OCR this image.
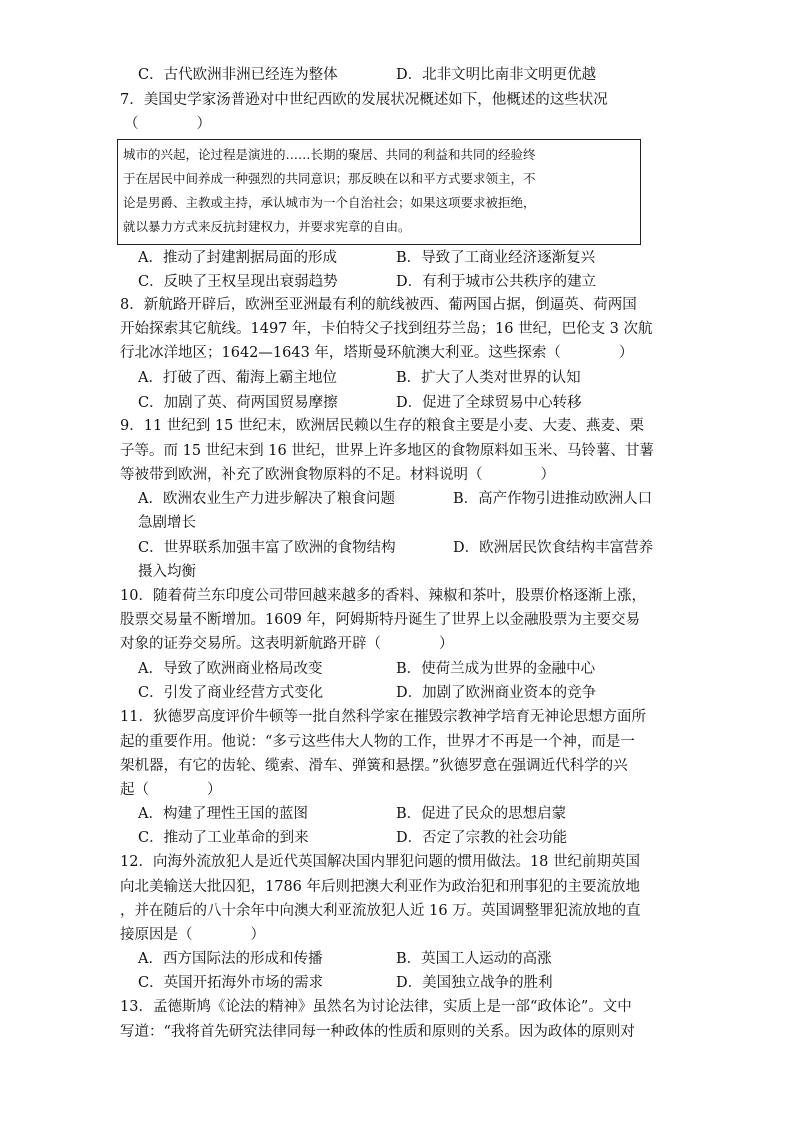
C．古代欧洲非洲已经连为整体	D．北非文明比南非文明更优越
7．美国史学家汤普逊对中世纪西欧的发展状况概述如下，他概述的这些状况
（　　　　）
城市的兴起，论过程是演进的……长期的聚居、共同的利益和共同的经验终
于在居民中间养成一种强烈的共同意识；那反映在以和平方式要求领主，不
论是男爵、主教或主持，承认城市为一个自治社会；如果这项要求被拒绝，
就以暴力方式来反抗封建权力，并要求宪章的自由。
A．推动了封建割据局面的形成	B．导致了工商业经济逐渐复兴
C．反映了王权呈现出衰弱趋势	D．有利于城市公共秩序的建立
8．新航路开辟后，欧洲至亚洲最有利的航线被西、葡两国占据，倒逼英、荷两国
开始探索其它航线。1497 年，卡伯特父子找到纽芬兰岛；16 世纪，巴伦支 3 次航
行北冰洋地区；1642—1643 年，塔斯曼环航澳大利亚。这些探索（　　　　）
A．打破了西、葡海上霸主地位	B．扩大了人类对世界的认知
C．加剧了英、荷两国贸易摩擦	D．促进了全球贸易中心转移
9．11 世纪到 15 世纪末，欧洲居民赖以生存的粮食主要是小麦、大麦、燕麦、栗
子等。而 15 世纪末到 16 世纪，世界上许多地区的食物原料如玉米、马铃薯、甘薯
等被带到欧洲，补充了欧洲食物原料的不足。材料说明（　　　　）
A．欧洲农业生产力进步解决了粮食问题	B．高产作物引进推动欧洲人口
急剧增长
C．世界联系加强丰富了欧洲的食物结构	D．欧洲居民饮食结构丰富营养
摄入均衡
10．随着荷兰东印度公司带回越来越多的香料、辣椒和茶叶，股票价格逐渐上涨，
股票交易量不断增加。1609 年，阿姆斯特丹诞生了世界上以金融股票为主要交易
对象的证券交易所。这表明新航路开辟（　　　　）
A．导致了欧洲商业格局改变	B．使荷兰成为世界的金融中心
C．引发了商业经营方式变化	D．加剧了欧洲商业资本的竞争
11．狄德罗高度评价牛顿等一批自然科学家在摧毁宗教神学培育无神论思想方面所
起的重要作用。他说：“多亏这些伟大人物的工作，世界才不再是一个神，而是一
架机器，有它的齿轮、缆索、滑车、弹簧和悬摆。”狄德罗意在强调近代科学的兴
起（　　　　）
A．构建了理性王国的蓝图	B．促进了民众的思想启蒙
C．推动了工业革命的到来	D．否定了宗教的社会功能
12．向海外流放犯人是近代英国解决国内罪犯问题的惯用做法。18 世纪前期英国
向北美输送大批囚犯，1786 年后则把澳大利亚作为政治犯和刑事犯的主要流放地
，并在随后的八十余年中向澳大利亚流放犯人近 16 万。英国调整罪犯流放地的直
接原因是（　　　　）
A．西方国际法的形成和传播	B．英国工人运动的高涨
C．英国开拓海外市场的需求	D．美国独立战争的胜利
13．孟德斯鸠《论法的精神》虽然名为讨论法律，实质上是一部“政体论”。文中
写道：“我将首先研究法律同每一种政体的性质和原则的关系。因为政体的原则对
